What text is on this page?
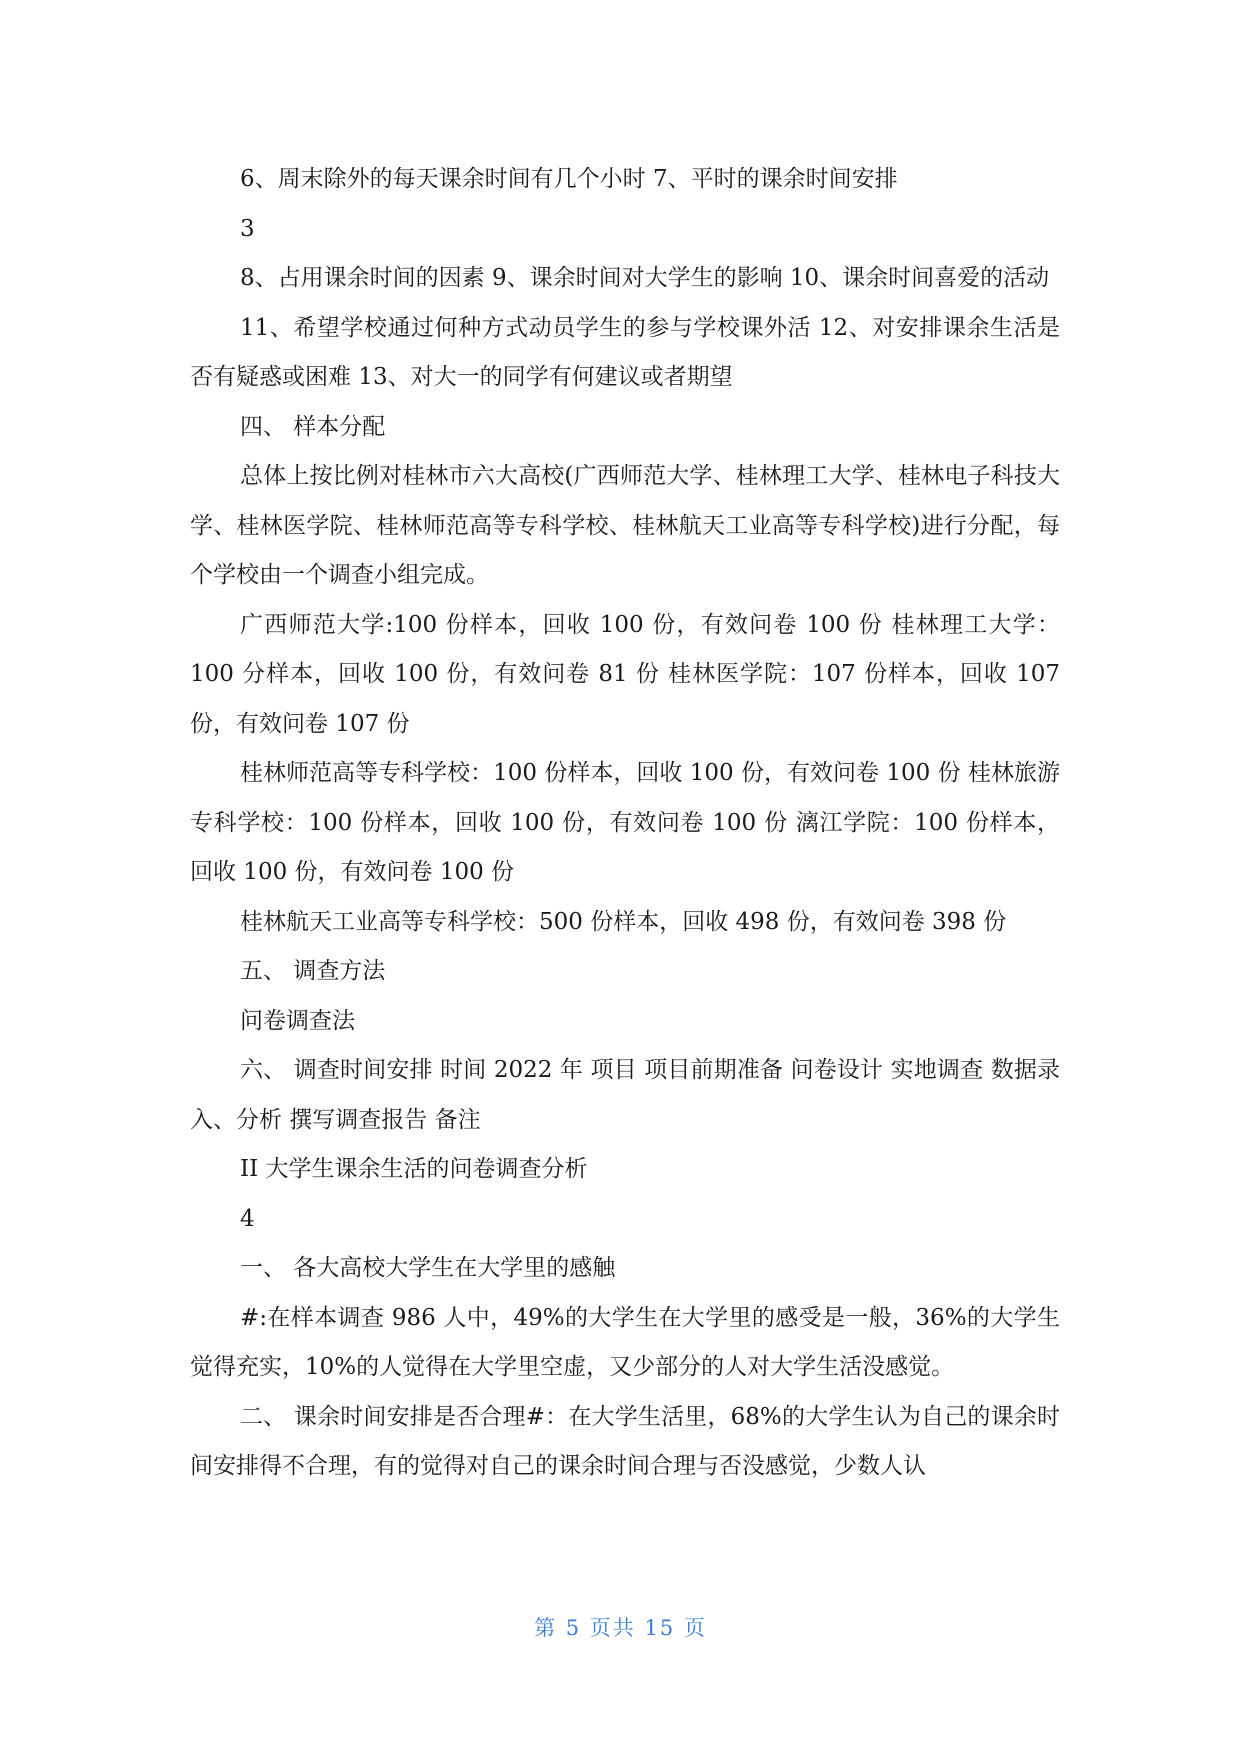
6、周末除外的每天课余时间有几个小时 7、平时的课余时间安排

3

8、占用课余时间的因素 9、课余时间对大学生的影响 10、课余时间喜爱的活动

11、希望学校通过何种方式动员学生的参与学校课外活 12、对安排课余生活是否有疑惑或困难 13、对大一的同学有何建议或者期望

四、 样本分配

总体上按比例对桂林市六大高校(广西师范大学、桂林理工大学、桂林电子科技大学、桂林医学院、桂林师范高等专科学校、桂林航天工业高等专科学校)进行分配，每个学校由一个调查小组完成。

广西师范大学:100 份样本，回收 100 份，有效问卷 100 份 桂林理工大学：100 分样本，回收 100 份，有效问卷 81 份 桂林医学院：107 份样本，回收 107 份，有效问卷 107 份

桂林师范高等专科学校：100 份样本，回收 100 份，有效问卷 100 份 桂林旅游专科学校：100 份样本，回收 100 份，有效问卷 100 份 漓江学院：100 份样本，回收 100 份，有效问卷 100 份

桂林航天工业高等专科学校：500 份样本，回收 498 份，有效问卷 398 份

五、 调查方法

问卷调查法

六、 调查时间安排 时间 2022 年 项目 项目前期准备 问卷设计 实地调查 数据录入、分析 撰写调查报告 备注

II 大学生课余生活的问卷调查分析

4

一、 各大高校大学生在大学里的感触

#:在样本调查 986 人中，49%的大学生在大学里的感受是一般，36%的大学生觉得充实，10%的人觉得在大学里空虚，又少部分的人对大学生活没感觉。

二、 课余时间安排是否合理#：在大学生活里，68%的大学生认为自己的课余时间安排得不合理，有的觉得对自己的课余时间合理与否没感觉，少数人认

第 5 页共 15 页
